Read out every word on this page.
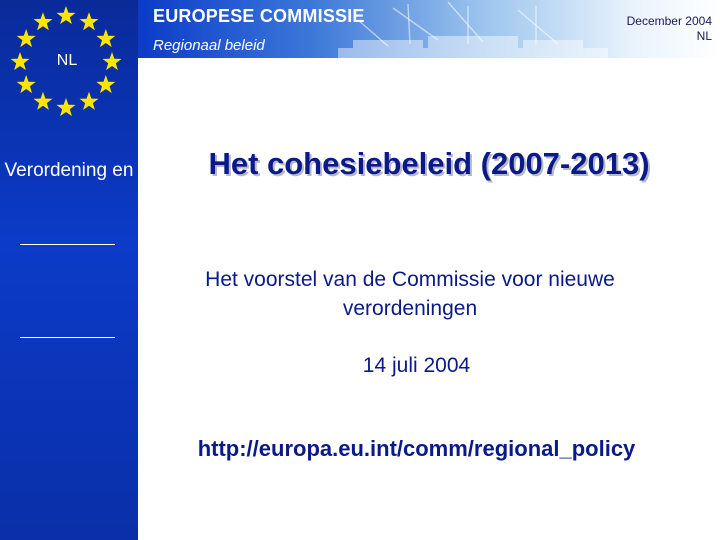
NL
Verordening en
EUROPESE COMMISSIE
Regionaal beleid
December 2004
NL
Het cohesiebeleid (2007-2013)
Het voorstel van de Commissie voor nieuwe verordeningen
14 juli 2004
http://europa.eu.int/comm/regional_policy
